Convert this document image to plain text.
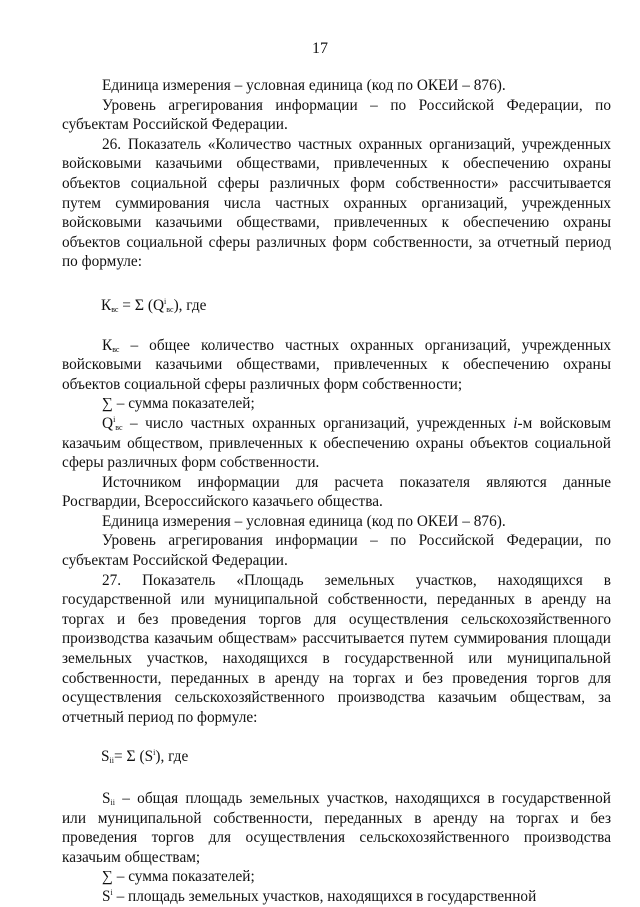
17

Единица измерения – условная единица (код по ОКЕИ – 876).

Уровень агрегирования информации – по Российской Федерации, по субъектам Российской Федерации.

26. Показатель «Количество частных охранных организаций, учрежденных войсковыми казачьими обществами, привлеченных к обеспечению охраны объектов социальной сферы различных форм собственности» рассчитывается путем суммирования числа частных охранных организаций, учрежденных войсковыми казачьими обществами, привлеченных к обеспечению охраны объектов социальной сферы различных форм собственности, за отчетный период по формуле:

$К_{вс} = \Sigma$ $(Q^i_{вс})$, где

$К_{вс}$ – общее количество частных охранных организаций, учрежденных войсковыми казачьими обществами, привлеченных к обеспечению охраны объектов социальной сферы различных форм собственности;

∑ – сумма показателей;

$Q^i_{вс}$ – число частных охранных организаций, учрежденных i-м войсковым казачьим обществом, привлеченных к обеспечению охраны объектов социальной сферы различных форм собственности.

Источником информации для расчета показателя являются данные Росгвардии, Всероссийского казачьего общества.

Единица измерения – условная единица (код по ОКЕИ – 876).

Уровень агрегирования информации – по Российской Федерации, по субъектам Российской Федерации.

27. Показатель «Площадь земельных участков, находящихся в государственной или муниципальной собственности, переданных в аренду на торгах и без проведения торгов для осуществления сельскохозяйственного производства казачьим обществам» рассчитывается путем суммирования площади земельных участков, находящихся в государственной или муниципальной собственности, переданных в аренду на торгах и без проведения торгов для осуществления сельскохозяйственного производства казачьим обществам, за отчетный период по формуле:

$S_{ii}= \Sigma$ $(S^i)$, где

$S_{ii}$ – общая площадь земельных участков, находящихся в государственной или муниципальной собственности, переданных в аренду на торгах и без проведения торгов для осуществления сельскохозяйственного производства казачьим обществам;

∑ – сумма показателей;

$S^i$ – площадь земельных участков, находящихся в государственной
